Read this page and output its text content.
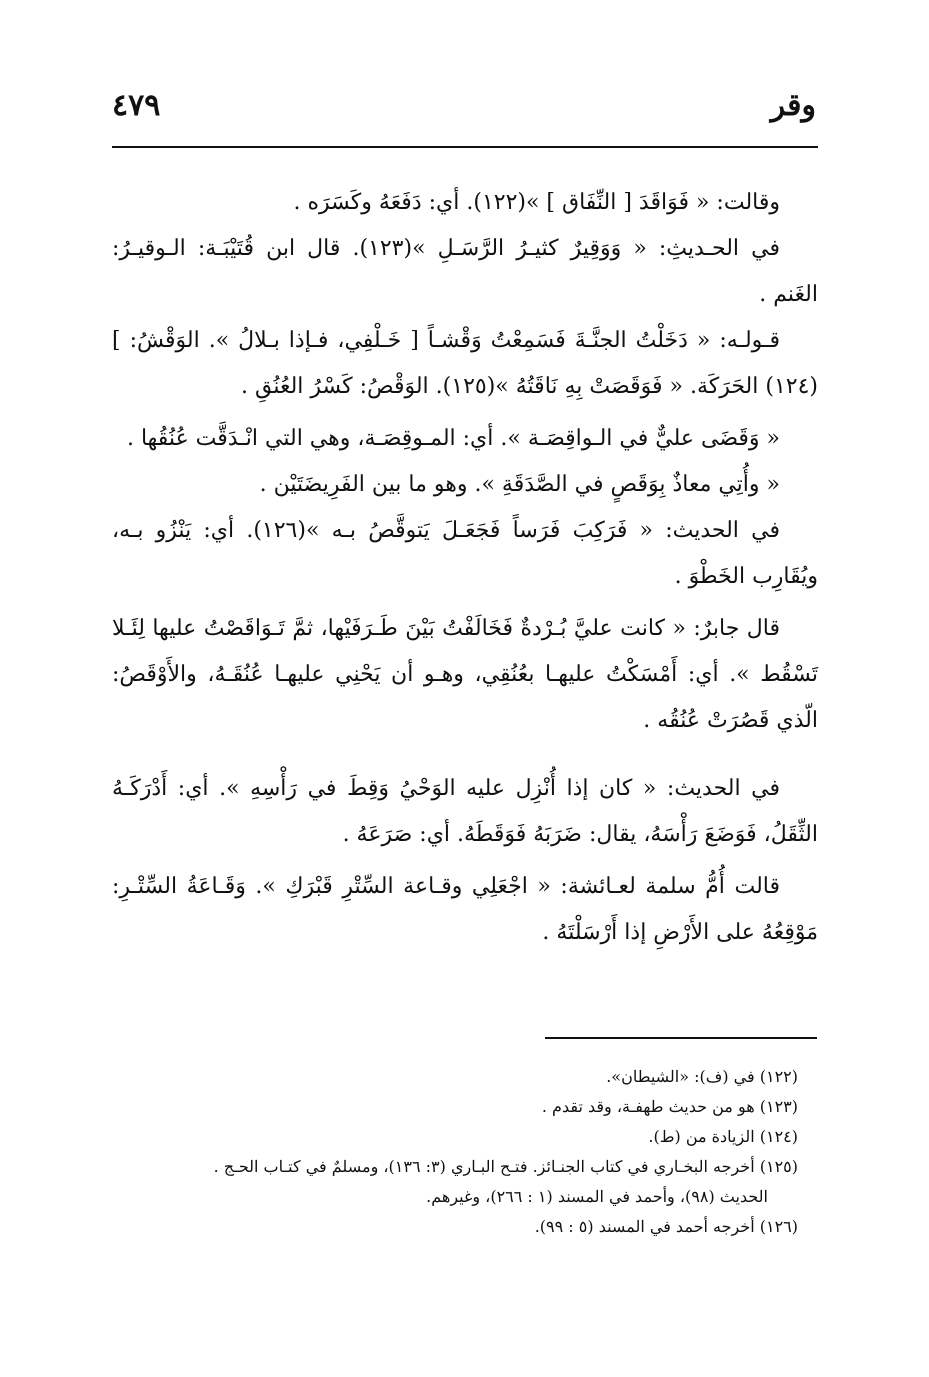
٤٧٩	وقر

وقالت: « فَوَاقَدَ [ النِّفَاق ] »(١٢٢). أي: دَفَعَهُ وكَسَرَه .

في الحـديثِ: « وَوَقِيرٌ كثيـرُ الرَّسَـلِ »(١٢٣). قال ابن قُتَيْبَـة: الـوقيـرُ: الغَنم .

قـولـه: « دَخَلْتُ الجنَّـةَ فَسَمِعْتُ وَقْشـاً [ خَـلْفِي، فـإذا بـلالُ ». الوَقْشُ: ](١٢٤) الحَرَكَة. « فَوَقَصَتْ بِهِ نَاقَتُهُ »(١٢٥). الوَقْصُ: كَسْرُ العُنُقِ .

« وَقَضَى عليٌّ في الـواقِصَـة ». أي: المـوقِصَـة، وهي التي انْـدَقَّت عُنُقُها .

« وأُتِي معاذٌ بِوَقَصٍ في الصَّدَقَةِ ». وهو ما بين الفَرِيضَتَيْن .

في الحديث: « فَرَكِبَ فَرَساً فَجَعَـلَ يَتوقَّصُ بـه »(١٢٦). أي: يَنْزُو بـه، ويُقَارِب الخَطْوَ .

قال جابرٌ: « كانت عليَّ بُـرْدةٌ فَخَالَفْتُ بَيْنَ طَـرَفَيْها، ثمَّ تَـوَاقَصْتُ عليها لِئَـلا تَسْقُط ». أي: أَمْسَكْتُ عليهـا بعُنُقِي، وهـو أن يَحْنِي عليهـا عُنُقَـهُ، والأَوْقَصُ: الّذي قَصُرَتْ عُنُقُه .

في الحديث: « كان إذا أُنْزِل عليه الوَحْيُ وَقِطَ في رَأْسِهِ ». أي: أَدْرَكَـهُ الثِّقَلُ، فَوَضَعَ رَأْسَهُ، يقال: ضَرَبَهُ فَوَقَطَهُ. أي: صَرَعَهُ .

قالت أُمُّ سلمة لعـائشة: « اجْعَلِي وقـاعة السِّتْرِ قَبْرَكِ ». وَقَـاعَةُ السِّتْـرِ: مَوْقِعُهُ على الأَرْضِ إذا أَرْسَلْتَهُ .

(١٢٢) في (ف): «الشيطان».

(١٢٣) هو من حديث طهفـة، وقد تقدم .

(١٢٤) الزيادة من (ط).

(١٢٥) أخرجه البخـاري في كتاب الجنـائز. فتـح البـاري (٣: ١٣٦)، ومسلمٌ في كتـاب الحـج .

الحديث (٩٨)، وأحمد في المسند (١ : ٢٦٦)، وغيرهم.

(١٢٦) أخرجه أحمد في المسند (٥ : ٩٩).
